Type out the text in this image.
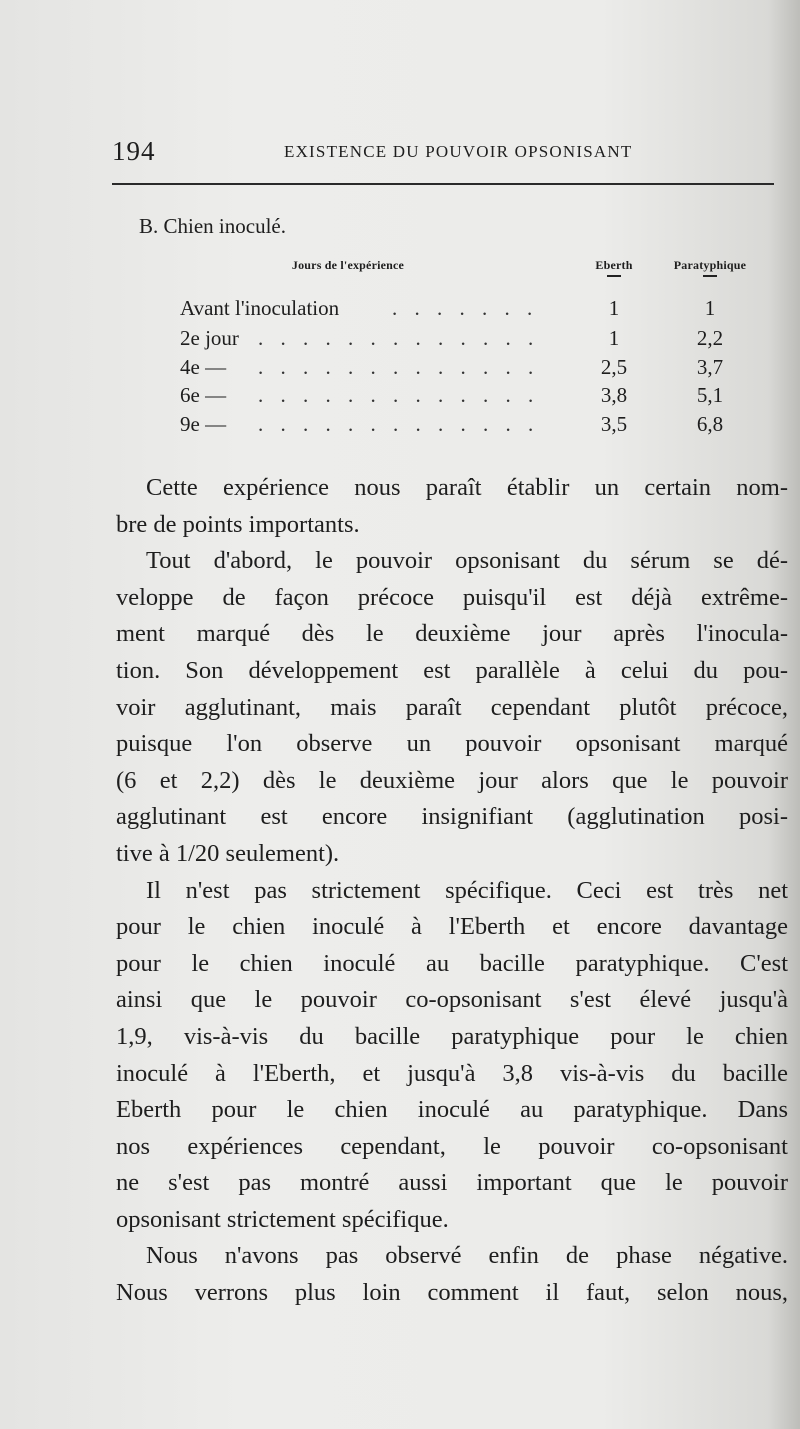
194	EXISTENCE DU POUVOIR OPSONISANT
B. Chien inoculé.
Jours de l'expérience	Eberth	Paratyphique
Avant l'inoculation	. . . . . . .	1	1
2e jour . . . . . . . . . . . . .	1	2,2
4e — . . . . . . . . . . . . .	2,5	3,7
6e — . . . . . . . . . . . . .	3,8	5,1
9e — . . . . . . . . . . . . .	3,5	6,8
Cette expérience nous paraît établir un certain nom-
bre de points importants.
Tout d'abord, le pouvoir opsonisant du sérum se dé-
veloppe de façon précoce puisqu'il est déjà extrême-
ment marqué dès le deuxième jour après l'inocula-
tion. Son développement est parallèle à celui du pou-
voir agglutinant, mais paraît cependant plutôt précoce,
puisque l'on observe un pouvoir opsonisant marqué
(6 et 2,2) dès le deuxième jour alors que le pouvoir
agglutinant est encore insignifiant (agglutination posi-
tive à 1/20 seulement).
Il n'est pas strictement spécifique. Ceci est très net
pour le chien inoculé à l'Eberth et encore davantage
pour le chien inoculé au bacille paratyphique. C'est
ainsi que le pouvoir co-opsonisant s'est élevé jusqu'à
1,9, vis-à-vis du bacille paratyphique pour le chien
inoculé à l'Eberth, et jusqu'à 3,8 vis-à-vis du bacille
Eberth pour le chien inoculé au paratyphique. Dans
nos expériences cependant, le pouvoir co-opsonisant
ne s'est pas montré aussi important que le pouvoir
opsonisant strictement spécifique.
Nous n'avons pas observé enfin de phase négative.
Nous verrons plus loin comment il faut, selon nous,
